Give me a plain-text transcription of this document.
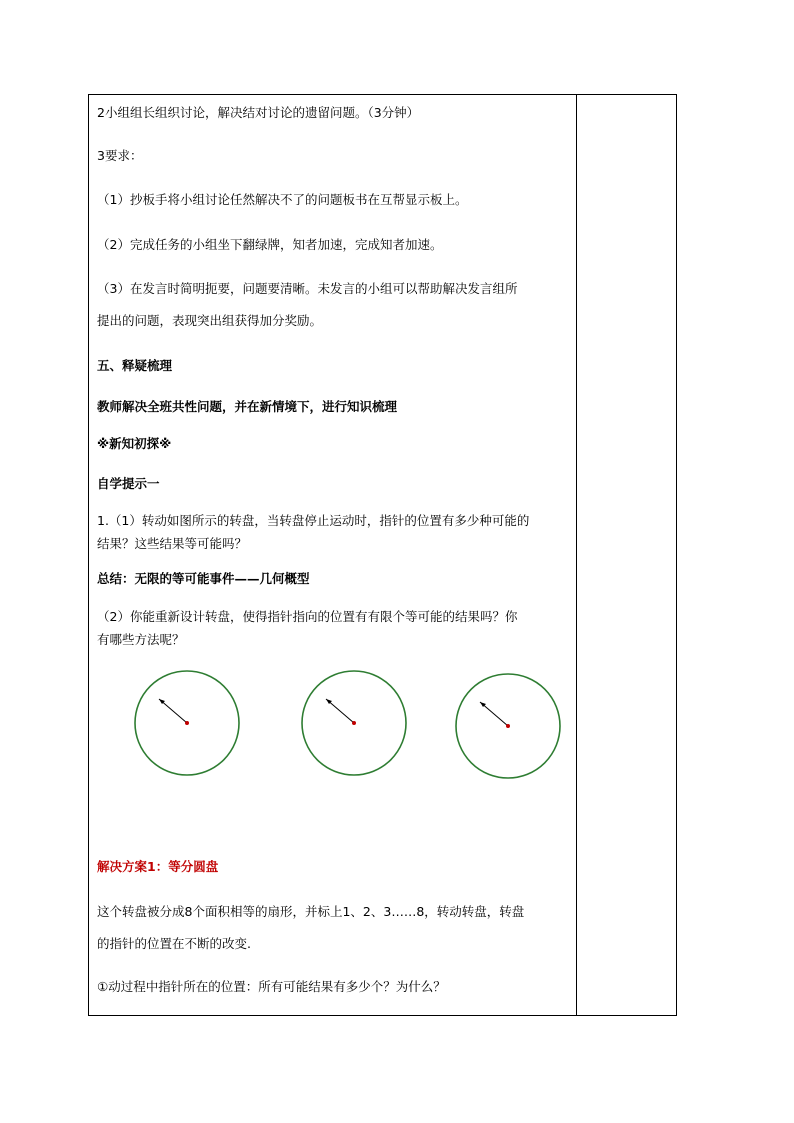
2小组组长组织讨论，解决结对讨论的遗留问题。（3分钟）
3要求：
（1）抄板手将小组讨论任然解决不了的问题板书在互帮显示板上。
（2）完成任务的小组坐下翻绿牌，知者加速，完成知者加速。
（3）在发言时简明扼要，问题要清晰。未发言的小组可以帮助解决发言组所
提出的问题，表现突出组获得加分奖励。
五、释疑梳理
教师解决全班共性问题，并在新情境下，进行知识梳理
※新知初探※
自学提示一
1.（1）转动如图所示的转盘，当转盘停止运动时，指针的位置有多少种可能的
结果？这些结果等可能吗？
总结：无限的等可能事件——几何概型
（2）你能重新设计转盘，使得指针指向的位置有有限个等可能的结果吗？你
有哪些方法呢？
解决方案1：等分圆盘
这个转盘被分成8个面积相等的扇形，并标上1、2、3……8，转动转盘，转盘
的指针的位置在不断的改变.
①动过程中指针所在的位置：所有可能结果有多少个？为什么？
